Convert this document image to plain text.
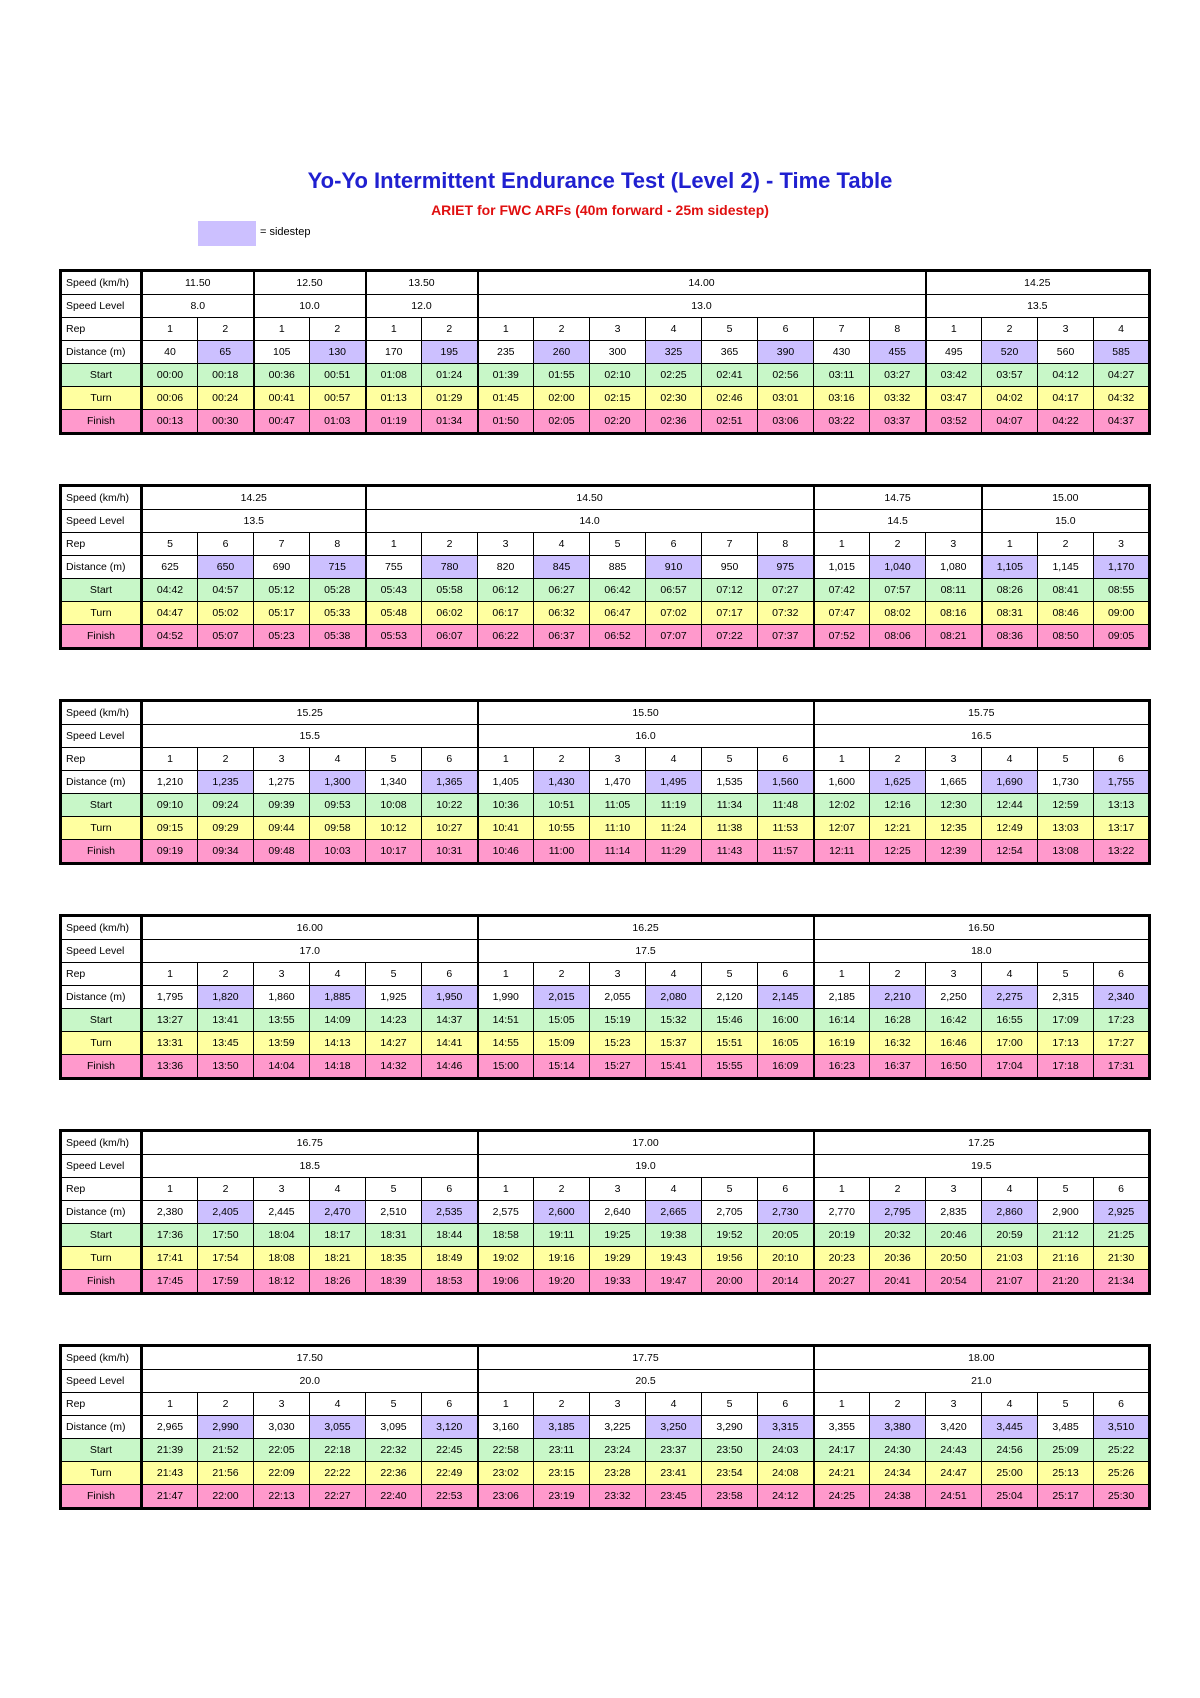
Yo-Yo Intermittent Endurance Test (Level 2) - Time Table
ARIET for FWC ARFs (40m forward - 25m sidestep)
= sidestep
Speed (km/h)	11.50		12.50		13.50		14.00								14.25			
Speed Level	8.0		10.0		12.0		13.0								13.5			
Rep	1	2	1	2	1	2	1	2	3	4	5	6	7	8	1	2	3	4
Distance (m)	40	65	105	130	170	195	235	260	300	325	365	390	430	455	495	520	560	585
Start	00:00	00:18	00:36	00:51	01:08	01:24	01:39	01:55	02:10	02:25	02:41	02:56	03:11	03:27	03:42	03:57	04:12	04:27
Turn	00:06	00:24	00:41	00:57	01:13	01:29	01:45	02:00	02:15	02:30	02:46	03:01	03:16	03:32	03:47	04:02	04:17	04:32
Finish	00:13	00:30	00:47	01:03	01:19	01:34	01:50	02:05	02:20	02:36	02:51	03:06	03:22	03:37	03:52	04:07	04:22	04:37
Speed (km/h)	14.25				14.50								14.75			15.00		
Speed Level	13.5				14.0								14.5			15.0		
Rep	5	6	7	8	1	2	3	4	5	6	7	8	1	2	3	1	2	3
Distance (m)	625	650	690	715	755	780	820	845	885	910	950	975	1,015	1,040	1,080	1,105	1,145	1,170
Start	04:42	04:57	05:12	05:28	05:43	05:58	06:12	06:27	06:42	06:57	07:12	07:27	07:42	07:57	08:11	08:26	08:41	08:55
Turn	04:47	05:02	05:17	05:33	05:48	06:02	06:17	06:32	06:47	07:02	07:17	07:32	07:47	08:02	08:16	08:31	08:46	09:00
Finish	04:52	05:07	05:23	05:38	05:53	06:07	06:22	06:37	06:52	07:07	07:22	07:37	07:52	08:06	08:21	08:36	08:50	09:05
Speed (km/h)	15.25						15.50						15.75					
Speed Level	15.5						16.0						16.5					
Rep	1	2	3	4	5	6	1	2	3	4	5	6	1	2	3	4	5	6
Distance (m)	1,210	1,235	1,275	1,300	1,340	1,365	1,405	1,430	1,470	1,495	1,535	1,560	1,600	1,625	1,665	1,690	1,730	1,755
Start	09:10	09:24	09:39	09:53	10:08	10:22	10:36	10:51	11:05	11:19	11:34	11:48	12:02	12:16	12:30	12:44	12:59	13:13
Turn	09:15	09:29	09:44	09:58	10:12	10:27	10:41	10:55	11:10	11:24	11:38	11:53	12:07	12:21	12:35	12:49	13:03	13:17
Finish	09:19	09:34	09:48	10:03	10:17	10:31	10:46	11:00	11:14	11:29	11:43	11:57	12:11	12:25	12:39	12:54	13:08	13:22
Speed (km/h)	16.00						16.25						16.50					
Speed Level	17.0						17.5						18.0					
Rep	1	2	3	4	5	6	1	2	3	4	5	6	1	2	3	4	5	6
Distance (m)	1,795	1,820	1,860	1,885	1,925	1,950	1,990	2,015	2,055	2,080	2,120	2,145	2,185	2,210	2,250	2,275	2,315	2,340
Start	13:27	13:41	13:55	14:09	14:23	14:37	14:51	15:05	15:19	15:32	15:46	16:00	16:14	16:28	16:42	16:55	17:09	17:23
Turn	13:31	13:45	13:59	14:13	14:27	14:41	14:55	15:09	15:23	15:37	15:51	16:05	16:19	16:32	16:46	17:00	17:13	17:27
Finish	13:36	13:50	14:04	14:18	14:32	14:46	15:00	15:14	15:27	15:41	15:55	16:09	16:23	16:37	16:50	17:04	17:18	17:31
Speed (km/h)	16.75						17.00						17.25					
Speed Level	18.5						19.0						19.5					
Rep	1	2	3	4	5	6	1	2	3	4	5	6	1	2	3	4	5	6
Distance (m)	2,380	2,405	2,445	2,470	2,510	2,535	2,575	2,600	2,640	2,665	2,705	2,730	2,770	2,795	2,835	2,860	2,900	2,925
Start	17:36	17:50	18:04	18:17	18:31	18:44	18:58	19:11	19:25	19:38	19:52	20:05	20:19	20:32	20:46	20:59	21:12	21:25
Turn	17:41	17:54	18:08	18:21	18:35	18:49	19:02	19:16	19:29	19:43	19:56	20:10	20:23	20:36	20:50	21:03	21:16	21:30
Finish	17:45	17:59	18:12	18:26	18:39	18:53	19:06	19:20	19:33	19:47	20:00	20:14	20:27	20:41	20:54	21:07	21:20	21:34
Speed (km/h)	17.50						17.75						18.00					
Speed Level	20.0						20.5						21.0					
Rep	1	2	3	4	5	6	1	2	3	4	5	6	1	2	3	4	5	6
Distance (m)	2,965	2,990	3,030	3,055	3,095	3,120	3,160	3,185	3,225	3,250	3,290	3,315	3,355	3,380	3,420	3,445	3,485	3,510
Start	21:39	21:52	22:05	22:18	22:32	22:45	22:58	23:11	23:24	23:37	23:50	24:03	24:17	24:30	24:43	24:56	25:09	25:22
Turn	21:43	21:56	22:09	22:22	22:36	22:49	23:02	23:15	23:28	23:41	23:54	24:08	24:21	24:34	24:47	25:00	25:13	25:26
Finish	21:47	22:00	22:13	22:27	22:40	22:53	23:06	23:19	23:32	23:45	23:58	24:12	24:25	24:38	24:51	25:04	25:17	25:30
